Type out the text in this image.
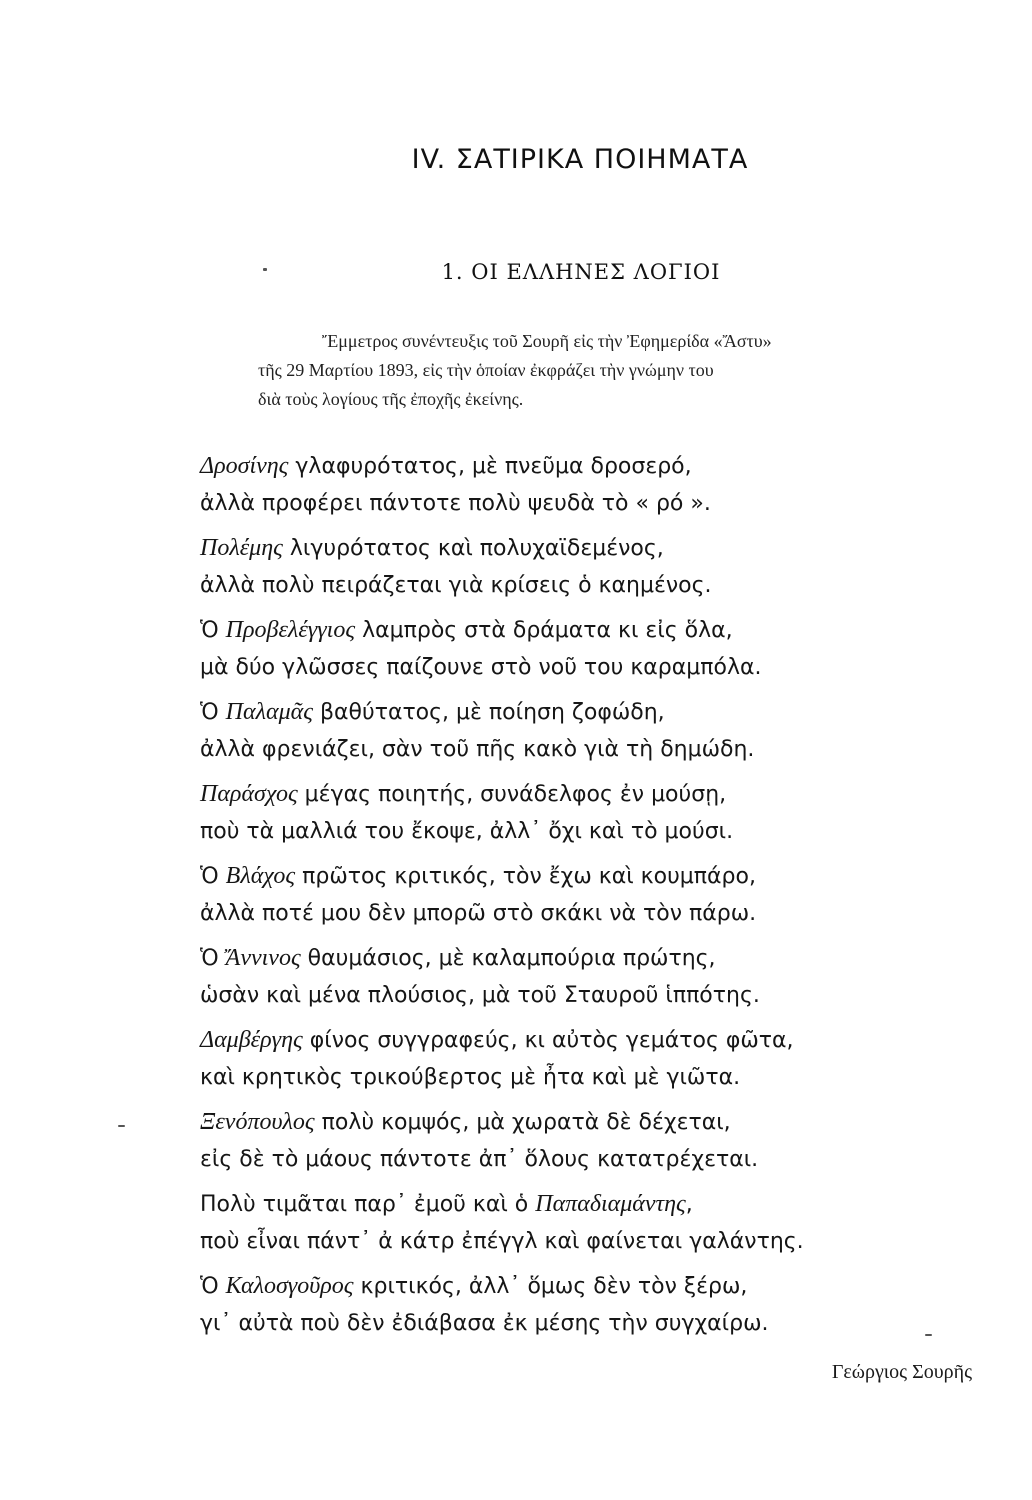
IV. ΣΑΤΙΡΙΚΑ ΠΟΙΗΜΑΤΑ
1. ΟΙ ΕΛΛΗΝΕΣ ΛΟΓΙΟΙ
Ἔμμετρος συνέντευξις τοῦ Σουρῆ εἰς τὴν Ἐφημερίδα «Ἄστυ»
τῆς 29 Μαρτίου 1893, εἰς τὴν ὁποίαν ἐκφράζει τὴν γνώμην του
διὰ τοὺς λογίους τῆς ἐποχῆς ἐκείνης.
Δροσίνης γλαφυρότατος, μὲ πνεῦμα δροσερό,
ἀλλὰ προφέρει πάντοτε πολὺ ψευδὰ τὸ « ρό ».
Πολέμης λιγυρότατος καὶ πολυχαϊδεμένος,
ἀλλὰ πολὺ πειράζεται γιὰ κρίσεις ὁ καημένος.
Ὁ Προβελέγγιος λαμπρὸς στὰ δράματα κι εἰς ὅλα,
μὰ δύο γλῶσσες παίζουνε στὸ νοῦ του καραμπόλα.
Ὁ Παλαμᾶς βαθύτατος, μὲ ποίηση ζοφώδη,
ἀλλὰ φρενιάζει, σὰν τοῦ πῆς κακὸ γιὰ τὴ δημώδη.
Παράσχος μέγας ποιητής, συνάδελφος ἐν μούσῃ,
ποὺ τὰ μαλλιά του ἔκοψε, ἀλλ᾽ ὄχι καὶ τὸ μούσι.
Ὁ Βλάχος πρῶτος κριτικός, τὸν ἔχω καὶ κουμπάρο,
ἀλλὰ ποτέ μου δὲν μπορῶ στὸ σκάκι νὰ τὸν πάρω.
Ὁ Ἄννινος θαυμάσιος, μὲ καλαμπούρια πρώτης,
ὡσὰν καὶ μένα πλούσιος, μὰ τοῦ Σταυροῦ ἱππότης.
Δαμβέργης φίνος συγγραφεύς, κι αὐτὸς γεμάτος φῶτα,
καὶ κρητικὸς τρικούβερτος μὲ ἦτα καὶ μὲ γιῶτα.
Ξενόπουλος πολὺ κομψός, μὰ χωρατὰ δὲ δέχεται,
εἰς δὲ τὸ μάους πάντοτε ἀπ᾽ ὅλους κατατρέχεται.
Πολὺ τιμᾶται παρ᾽ ἐμοῦ καὶ ὁ Παπαδιαμάντης,
ποὺ εἶναι πάντ᾽ ἀ κάτρ ἐπέγγλ καὶ φαίνεται γαλάντης.
Ὁ Καλοσγοῦρος κριτικός, ἀλλ᾽ ὅμως δὲν τὸν ξέρω,
γι᾽ αὐτὰ ποὺ δὲν ἐδιάβασα ἐκ μέσης τὴν συγχαίρω.
Γεώργιος Σουρῆς
